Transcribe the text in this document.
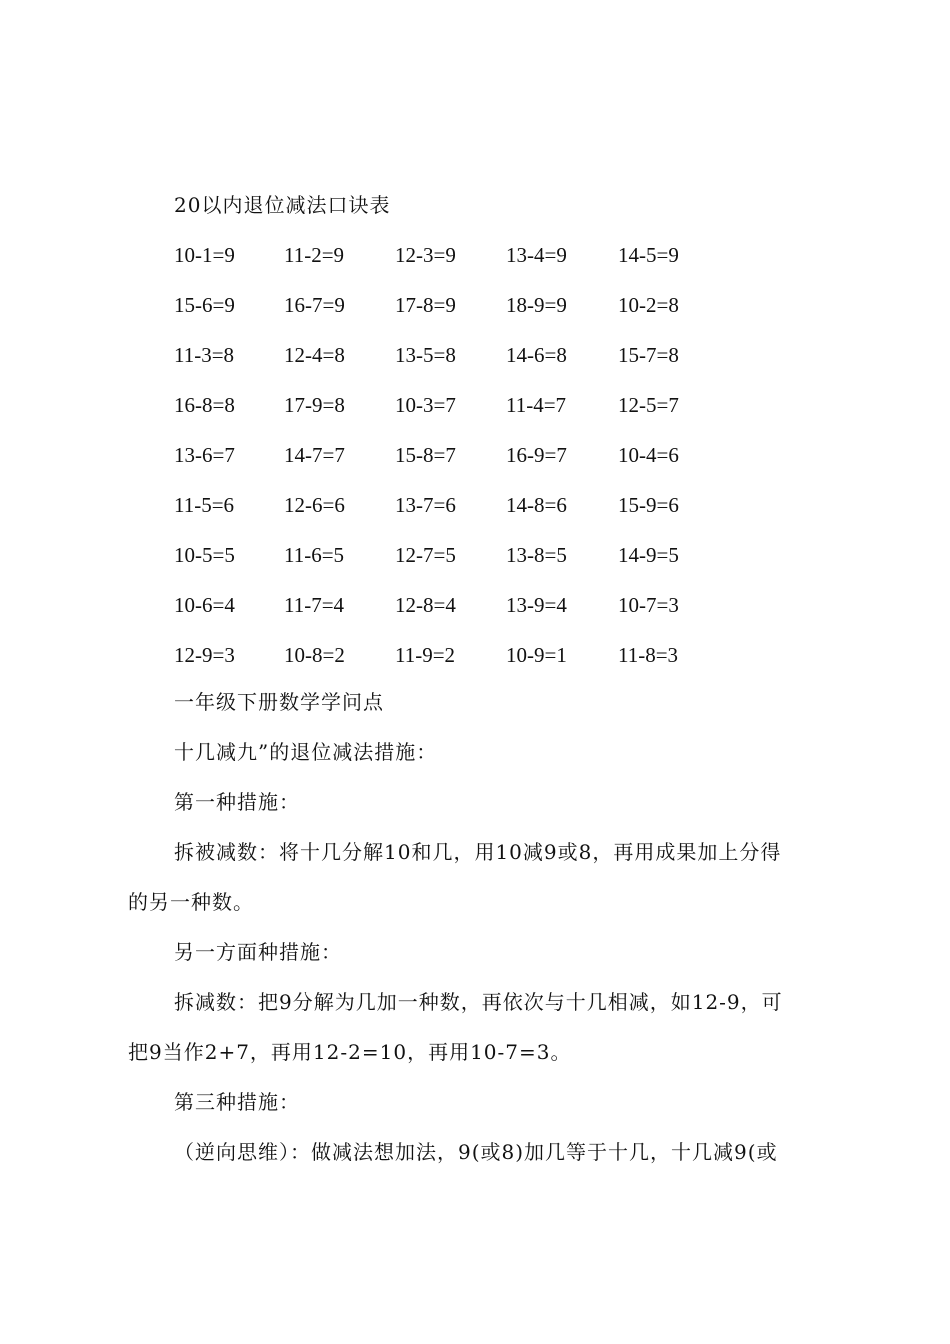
20以内退位减法口诀表
10-1=9 11-2=9 12-3=9 13-4=9 14-5=9
15-6=9 16-7=9 17-8=9 18-9=9 10-2=8
11-3=8 12-4=8 13-5=8 14-6=8 15-7=8
16-8=8 17-9=8 10-3=7 11-4=7 12-5=7
13-6=7 14-7=7 15-8=7 16-9=7 10-4=6
11-5=6 12-6=6 13-7=6 14-8=6 15-9=6
10-5=5 11-6=5 12-7=5 13-8=5 14-9=5
10-6=4 11-7=4 12-8=4 13-9=4 10-7=3
12-9=3 10-8=2 11-9=2 10-9=1 11-8=3
一年级下册数学学问点
十几减九”的退位减法措施：
第一种措施：
拆被减数：将十几分解10和几，用10减9或8，再用成果加上分得
的另一种数。
另一方面种措施：
拆减数：把9分解为几加一种数，再依次与十几相减，如12-9，可
把9当作2+7，再用12-2=10，再用10-7=3。
第三种措施：
（逆向思维）：做减法想加法，9(或8)加几等于十几，十几减9(或
